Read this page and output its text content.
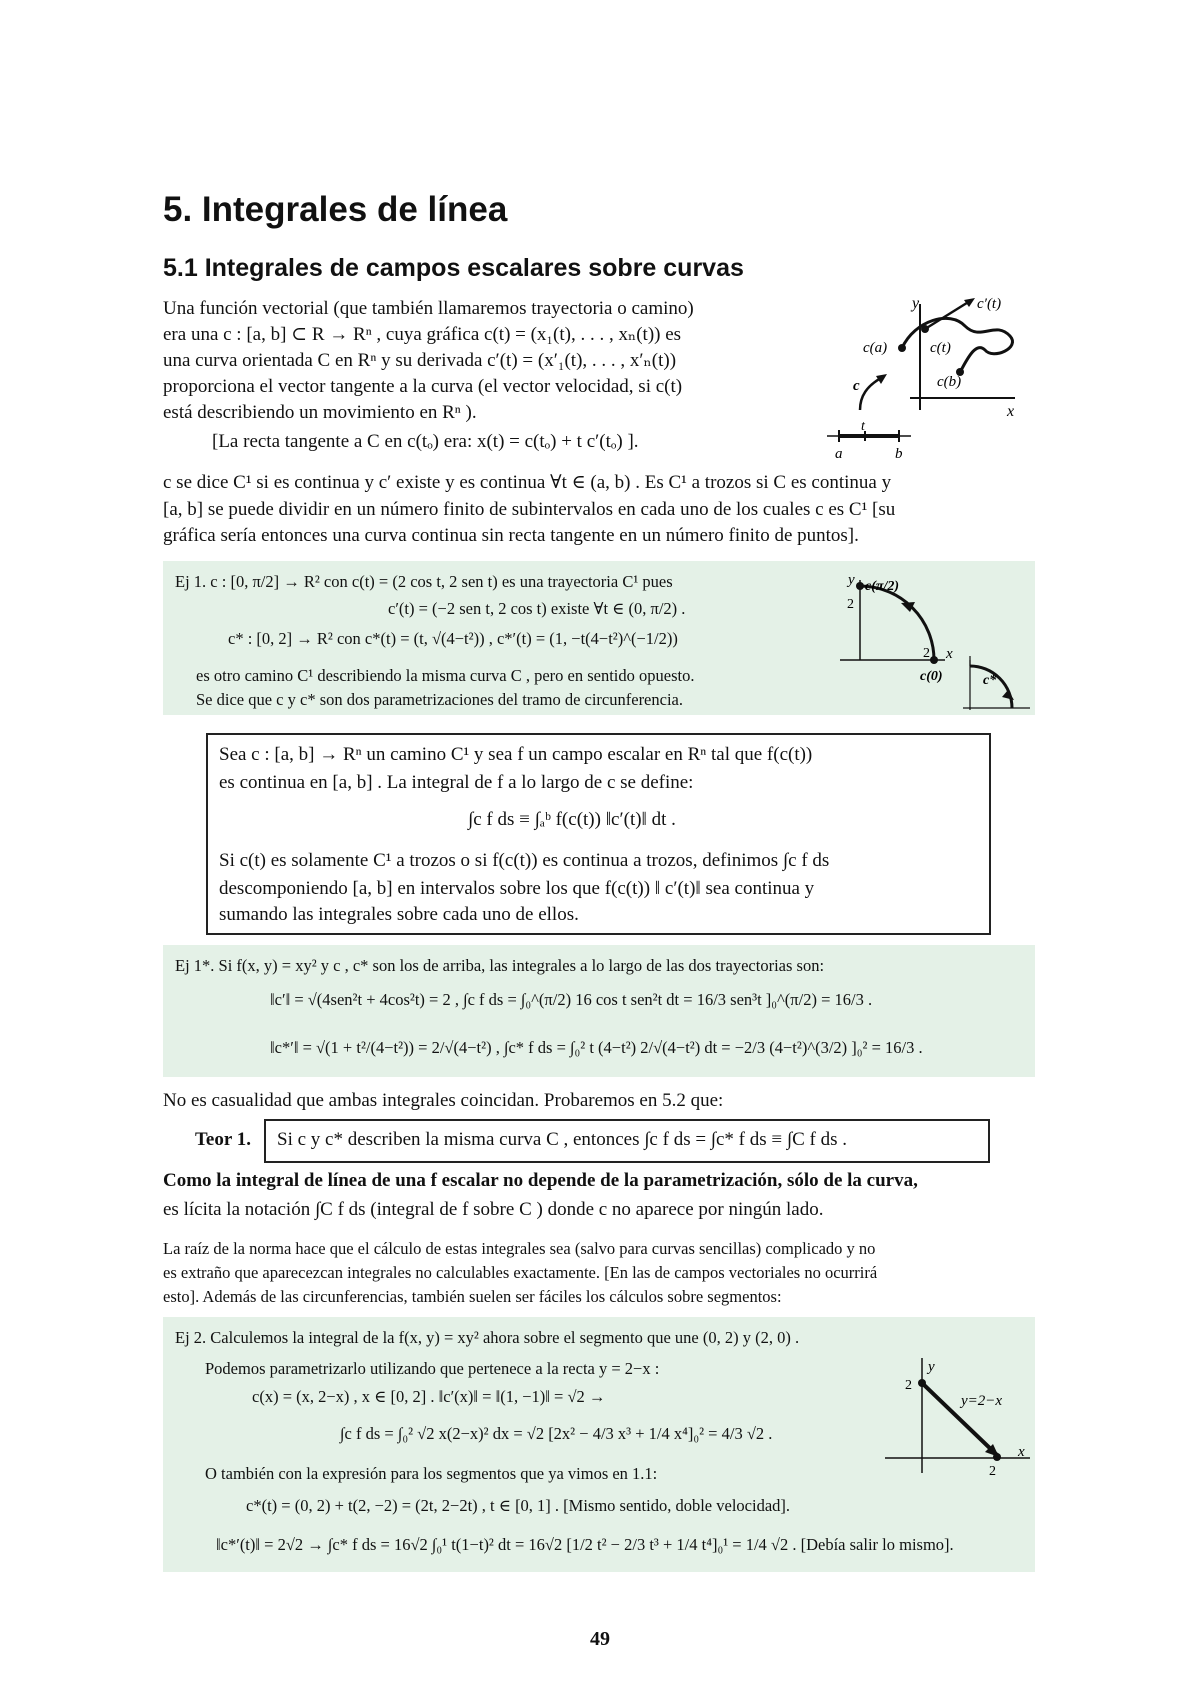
5. Integrales de línea
5.1 Integrales de campos escalares sobre curvas
Una función vectorial (que también llamaremos trayectoria o camino)
era una c : [a, b] ⊂ R → Rⁿ , cuya gráfica c(t) = (x₁(t), . . . , xₙ(t)) es
una curva orientada C en Rⁿ y su derivada c′(t) = (x′₁(t), . . . , x′ₙ(t))
proporciona el vector tangente a la curva (el vector velocidad, si c(t)
está describiendo un movimiento en Rⁿ ).
[La recta tangente a C en c(tₒ) era: x(t) = c(tₒ) + t c′(tₒ) ].
c se dice C¹ si es continua y c′ existe y es continua ∀t ∈ (a, b) . Es C¹ a trozos si C es continua y
[a, b] se puede dividir en un número finito de subintervalos en cada uno de los cuales c es C¹ [su
gráfica sería entonces una curva continua sin recta tangente en un número finito de puntos].
y	c′(t)
c(a)	c(t)
c(b)
c
x
t
a	b
Ej 1. c : [0, π/2] → R² con c(t) = (2 cos t, 2 sen t) es una trayectoria C¹ pues
c′(t) = (−2 sen t, 2 cos t) existe ∀t ∈ (0, π/2) .
c* : [0, 2] → R² con c*(t) = (t, √(4−t²)) , c*′(t) = (1, −t(4−t²)^(−1/2))
es otro camino C¹ describiendo la misma curva C , pero en sentido opuesto.
Se dice que c y c* son dos parametrizaciones del tramo de circunferencia.
y c(π/2)
2
2 x
c(0)	c*
Sea c : [a, b] → Rⁿ un camino C¹ y sea f un campo escalar en Rⁿ tal que f(c(t))
es continua en [a, b] . La integral de f a lo largo de c se define:
∫c f ds ≡ ∫ₐᵇ f(c(t)) ‖c′(t)‖ dt .
Si c(t) es solamente C¹ a trozos o si f(c(t)) es continua a trozos, definimos ∫c f ds
descomponiendo [a, b] en intervalos sobre los que f(c(t)) ‖ c′(t)‖ sea continua y
sumando las integrales sobre cada uno de ellos.
Ej 1*. Si f(x, y) = xy² y c , c* son los de arriba, las integrales a lo largo de las dos trayectorias son:
‖c′‖ = √(4sen²t + 4cos²t) = 2 , ∫c f ds = ∫₀^(π/2) 16 cos t sen²t dt = 16/3 sen³t ]₀^(π/2) = 16/3 .
‖c*′‖ = √(1 + t²/(4−t²)) = 2/√(4−t²) , ∫c* f ds = ∫₀² t (4−t²) 2/√(4−t²) dt = −2/3 (4−t²)^(3/2) ]₀² = 16/3 .
No es casualidad que ambas integrales coincidan. Probaremos en 5.2 que:
Teor 1. Si c y c* describen la misma curva C , entonces ∫c f ds = ∫c* f ds ≡ ∫C f ds .
Como la integral de línea de una f escalar no depende de la parametrización, sólo de la curva,
es lícita la notación ∫C f ds (integral de f sobre C ) donde c no aparece por ningún lado.
La raíz de la norma hace que el cálculo de estas integrales sea (salvo para curvas sencillas) complicado y no
es extraño que aparecezcan integrales no calculables exactamente. [En las de campos vectoriales no ocurrirá
esto]. Además de las circunferencias, también suelen ser fáciles los cálculos sobre segmentos:
Ej 2. Calculemos la integral de la f(x, y) = xy² ahora sobre el segmento que une (0, 2) y (2, 0) .
Podemos parametrizarlo utilizando que pertenece a la recta y = 2−x :
c(x) = (x, 2−x) , x ∈ [0, 2] . ‖c′(x)‖ = ‖(1, −1)‖ = √2 →
∫c f ds = ∫₀² √2 x(2−x)² dx = √2 [2x² − 4/3 x³ + 1/4 x⁴]₀² = 4/3 √2 .
O también con la expresión para los segmentos que ya vimos en 1.1:
c*(t) = (0, 2) + t(2, −2) = (2t, 2−2t) , t ∈ [0, 1] . [Mismo sentido, doble velocidad].
‖c*′(t)‖ = 2√2 → ∫c* f ds = 16√2 ∫₀¹ t(1−t)² dt = 16√2 [1/2 t² − 2/3 t³ + 1/4 t⁴]₀¹ = 1/4 √2 . [Debía salir lo mismo].
y
2
y=2−x
x
2
49
